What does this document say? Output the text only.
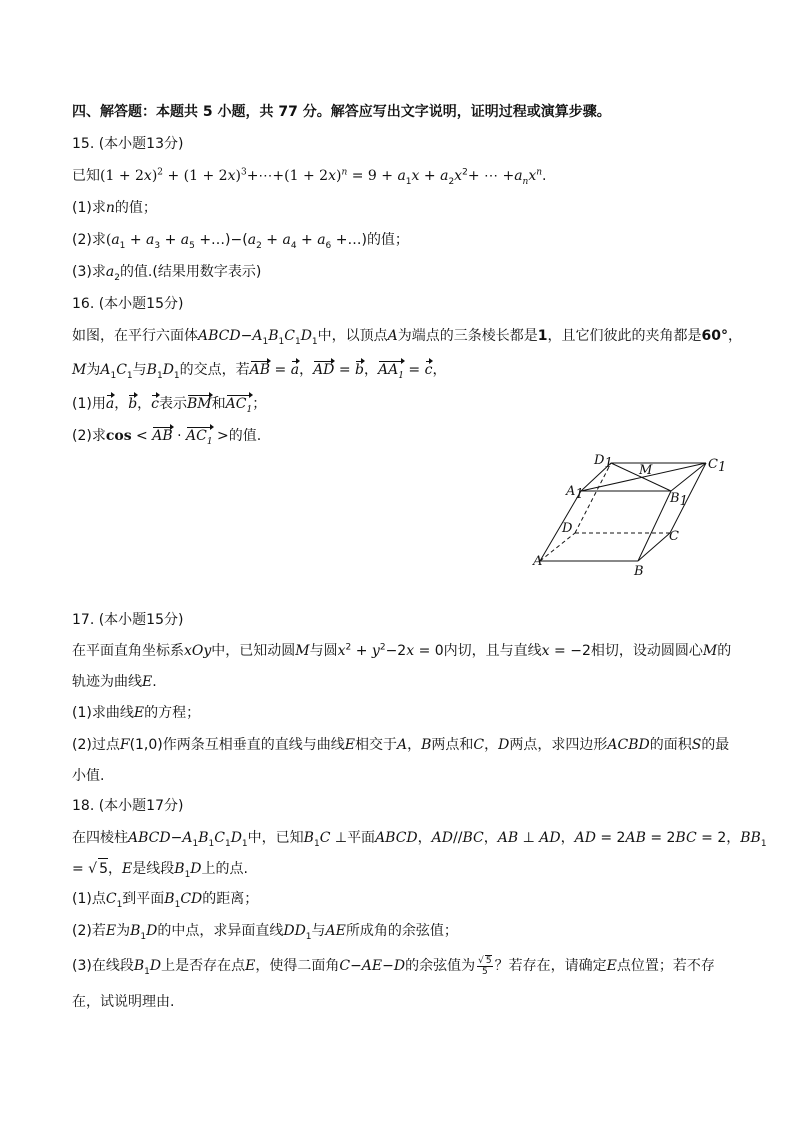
四、解答题：本题共 5 小题，共 77 分。解答应写出文字说明，证明过程或演算步骤。
15. (本小题13分)
已知$(1 + 2x)^2 + (1$ + $2x)^3+\cdots+(1 + 2x)^n = 9 + a_1x + a_2x^2+$ ⋯ $+a_nx^n$.
(1)求n的值；
(2)求($a_1 + a_3 + a_5$ $+\dots)-(a_2 + a_4 + a_6$ +…)的值；
(3)求$a_2$的值.(结果用数字表示)
16. (本小题15分)
如图，在平行六面体$ABCD-A_1B_1C_1D_1$中，以顶点A为端点的三条棱长都是1，且它们彼此的夹角都是60°，
M为$A_1C_1$与$B_1D_1$的交点，若AB = a，AD = b，$AA_1 = c$，
(1)用a，b，c表示BM和$AC_1$；
(2)求cos < AB · $AC_1$ >的值.
D1	C1
M
A1	B1
D
C
A
B
17. (本小题15分)
在平面直角坐标系xOy中，已知动圆M与圆$x^2 + y^2-2x = 0$内切，且与直线x = −2相切，设动圆圆心M的
轨迹为曲线E.
(1)求曲线E的方程；
(2)过点F(1,0)作两条互相垂直的直线与曲线E相交于A，B两点和C，D两点，求四边形ACBD的面积S的最
小值.
18. (本小题17分)
在四棱柱$ABCD-A_1B_1C_1D_1$中，已知$B_1C$ ⊥平面ABCD，AD//BC，AB ⊥ AD，AD = 2AB = 2BC = 2，$BB_1$
= √ 5，E是线段$B_1D$上的点.
(1)点$C_1$到平面$B_1CD$的距离；
(2)若E为$B_1D$的中点，求异面直线$DD_1$与AE所成角的余弦值；
(3)在线段$B_1D$上是否存在点E，使得二面角C−AE−D的余弦值为 $\frac{√ 5}{5}$ ？若存在，请确定E点位置；若不存
在，试说明理由.
